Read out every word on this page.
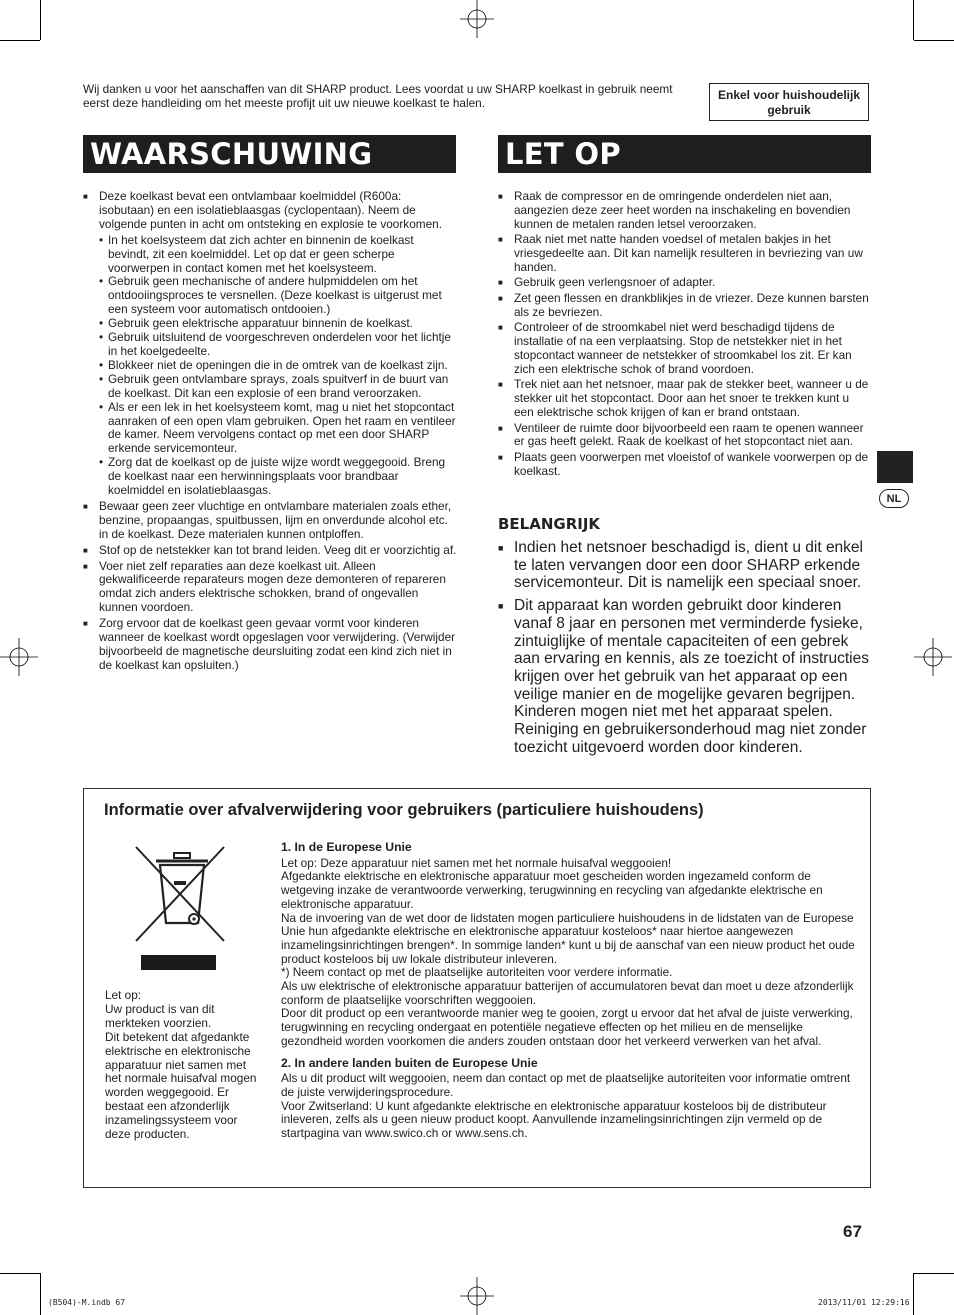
Wij danken u voor het aanschaffen van dit SHARP product. Lees voordat u uw SHARP koelkast in gebruik neemt eerst deze handleiding om het meeste profijt uit uw nieuwe koelkast te halen.
Enkel voor huishoudelijk gebruik
WAARSCHUWING
■ Deze koelkast bevat een ontvlambaar koelmiddel (R600a: isobutaan) en een isolatieblaasgas (cyclopentaan). Neem de volgende punten in acht om ontsteking en explosie te voorkomen.
• In het koelsysteem dat zich achter en binnenin de koelkast bevindt, zit een koelmiddel. Let op dat er geen scherpe voorwerpen in contact komen met het koelsysteem.
• Gebruik geen mechanische of andere hulpmiddelen om het ontdooiingsproces te versnellen. (Deze koelkast is uitgerust met een systeem voor automatisch ontdooien.)
• Gebruik geen elektrische apparatuur binnenin de koelkast.
• Gebruik uitsluitend de voorgeschreven onderdelen voor het lichtje in het koelgedeelte.
• Blokkeer niet de openingen die in de omtrek van de koelkast zijn.
• Gebruik geen ontvlambare sprays, zoals spuitverf in de buurt van de koelkast. Dit kan een explosie of een brand veroorzaken.
• Als er een lek in het koelsysteem komt, mag u niet het stopcontact aanraken of een open vlam gebruiken. Open het raam en ventileer de kamer. Neem vervolgens contact op met een door SHARP erkende servicemonteur.
• Zorg dat de koelkast op de juiste wijze wordt weggegooid. Breng de koelkast naar een herwinningsplaats voor brandbaar koelmiddel en isolatieblaasgas.
■ Bewaar geen zeer vluchtige en ontvlambare materialen zoals ether, benzine, propaangas, spuitbussen, lijm en onverdunde alcohol etc. in de koelkast. Deze materialen kunnen ontploffen.
■ Stof op de netstekker kan tot brand leiden. Veeg dit er voorzichtig af.
■ Voer niet zelf reparaties aan deze koelkast uit. Alleen gekwalificeerde reparateurs mogen deze demonteren of repareren omdat zich anders elektrische schokken, brand of ongevallen kunnen voordoen.
■ Zorg ervoor dat de koelkast geen gevaar vormt voor kinderen wanneer de koelkast wordt opgeslagen voor verwijdering. (Verwijder bijvoorbeeld de magnetische deursluiting zodat een kind zich niet in de koelkast kan opsluiten.)
LET OP
■ Raak de compressor en de omringende onderdelen niet aan, aangezien deze zeer heet worden na inschakeling en bovendien kunnen de metalen randen letsel veroorzaken.
■ Raak niet met natte handen voedsel of metalen bakjes in het vriesgedeelte aan. Dit kan namelijk resulteren in bevriezing van uw handen.
■ Gebruik geen verlengsnoer of adapter.
■ Zet geen flessen en drankblikjes in de vriezer. Deze kunnen barsten als ze bevriezen.
■ Controleer of de stroomkabel niet werd beschadigd tijdens de installatie of na een verplaatsing. Stop de netstekker niet in het stopcontact wanneer de netstekker of stroomkabel los zit. Er kan zich een elektrische schok of brand voordoen.
■ Trek niet aan het netsnoer, maar pak de stekker beet, wanneer u de stekker uit het stopcontact. Door aan het snoer te trekken kunt u een elektrische schok krijgen of kan er brand ontstaan.
■ Ventileer de ruimte door bijvoorbeeld een raam te openen wanneer er gas heeft gelekt. Raak de koelkast of het stopcontact niet aan.
■ Plaats geen voorwerpen met vloeistof of wankele voorwerpen op de koelkast.
BELANGRIJK
■ Indien het netsnoer beschadigd is, dient u dit enkel te laten vervangen door een door SHARP erkende servicemonteur. Dit is namelijk een speciaal snoer.
■ Dit apparaat kan worden gebruikt door kinderen vanaf 8 jaar en personen met verminderde fysieke, zintuiglijke of mentale capaciteiten of een gebrek aan ervaring en kennis, als ze toezicht of instructies krijgen over het gebruik van het apparaat op een veilige manier en de mogelijke gevaren begrijpen. Kinderen mogen niet met het apparaat spelen. Reiniging en gebruikersonderhoud mag niet zonder toezicht uitgevoerd worden door kinderen.
NL
Informatie over afvalverwijdering voor gebruikers (particuliere huishoudens)
Let op:
Uw product is van dit merkteken voorzien.
Dit betekent dat afgedankte elektrische en elektronische apparatuur niet samen met het normale huisafval mogen worden weggegooid. Er bestaat een afzonderlijk inzamelingssysteem voor deze producten.
1. In de Europese Unie
Let op: Deze apparatuur niet samen met het normale huisafval weggooien!
Afgedankte elektrische en elektronische apparatuur moet gescheiden worden ingezameld conform de wetgeving inzake de verantwoorde verwerking, terugwinning en recycling van afgedankte elektrische en elektronische apparatuur.
Na de invoering van de wet door de lidstaten mogen particuliere huishoudens in de lidstaten van de Europese Unie hun afgedankte elektrische en elektronische apparatuur kosteloos* naar hiertoe aangewezen inzamelingsinrichtingen brengen*. In sommige landen* kunt u bij de aanschaf van een nieuw product het oude product kosteloos bij uw lokale distributeur inleveren.
*) Neem contact op met de plaatselijke autoriteiten voor verdere informatie.
Als uw elektrische of elektronische apparatuur batterijen of accumulatoren bevat dan moet u deze afzonderlijk conform de plaatselijke voorschriften weggooien.
Door dit product op een verantwoorde manier weg te gooien, zorgt u ervoor dat het afval de juiste verwerking, terugwinning en recycling ondergaat en potentiële negatieve effecten op het milieu en de menselijke gezondheid worden voorkomen die anders zouden ontstaan door het verkeerd verwerken van het afval.
2. In andere landen buiten de Europese Unie
Als u dit product wilt weggooien, neem dan contact op met de plaatselijke autoriteiten voor informatie omtrent de juiste verwijderingsprocedure.
Voor Zwitserland: U kunt afgedankte elektrische en elektronische apparatuur kosteloos bij de distributeur inleveren, zelfs als u geen nieuw product koopt. Aanvullende inzamelingsinrichtingen zijn vermeld op de startpagina van www.swico.ch or www.sens.ch.
67
(B504)-M.indb 67	2013/11/01 12:29:16
